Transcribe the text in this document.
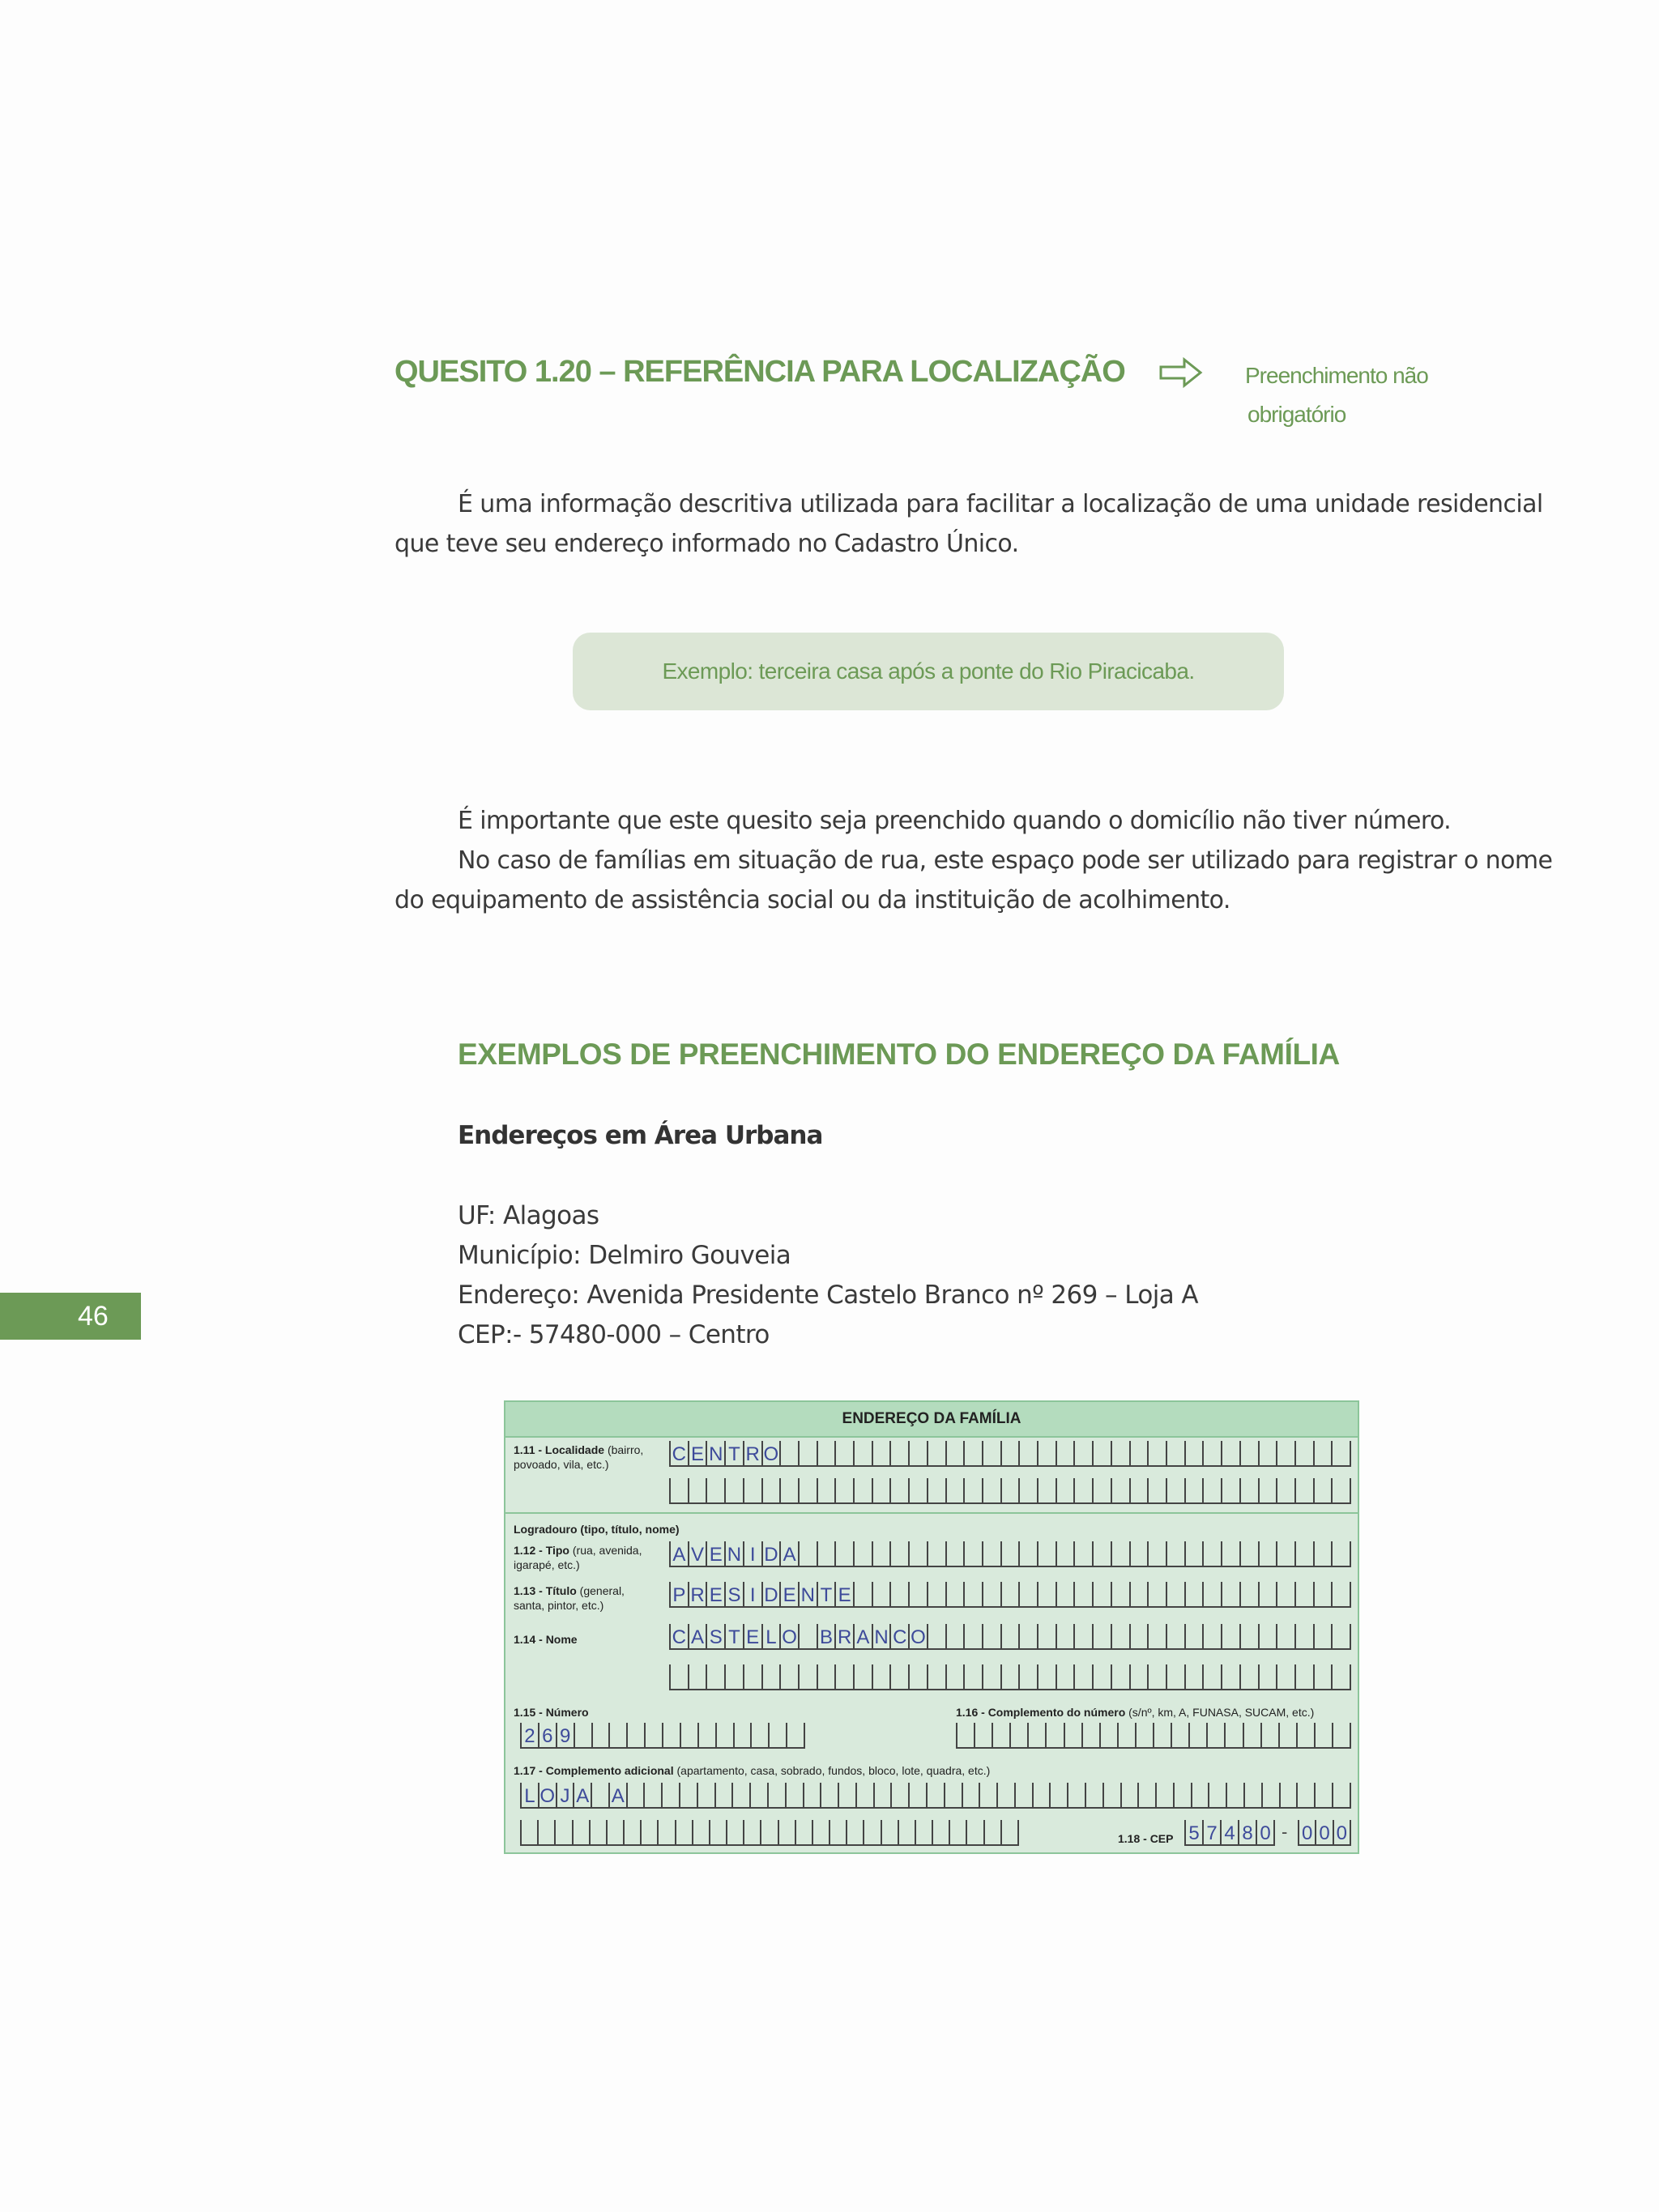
QUESITO 1.20 – REFERÊNCIA PARA LOCALIZAÇÃO	Preenchimento não
obrigatório
É uma informação descritiva utilizada para facilitar a localização de uma unidade residencial
que teve seu endereço informado no Cadastro Único.
Exemplo: terceira casa após a ponte do Rio Piracicaba.
É importante que este quesito seja preenchido quando o domicílio não tiver número.
No caso de famílias em situação de rua, este espaço pode ser utilizado para registrar o nome
do equipamento de assistência social ou da instituição de acolhimento.
EXEMPLOS DE PREENCHIMENTO DO ENDEREÇO DA FAMÍLIA
Endereços em Área Urbana
UF: Alagoas
Município: Delmiro Gouveia
Endereço: Avenida Presidente Castelo Branco nº 269 – Loja A
CEP:- 57480-000 – Centro
46
ENDEREÇO DA FAMÍLIA
1.11 - Localidade (bairro,
povoado, vila, etc.)	C E N T R O
Logradouro (tipo, título, nome)
1.12 - Tipo (rua, avenida,
igarapé, etc.)	A V E N I D A
1.13 - Título (general,
santa, pintor, etc.)	P R E S I D E N T E
1.14 - Nome	C A S T E L O B R A N C O
1.15 - Número	1.16 - Complemento do número (s/nº, km, A, FUNASA, SUCAM, etc.)
2 6 9
1.17 - Complemento adicional (apartamento, casa, sobrado, fundos, bloco, lote, quadra, etc.)
L O J A A
1.18 - CEP 5 7 4 8 0 - 0 0 0
